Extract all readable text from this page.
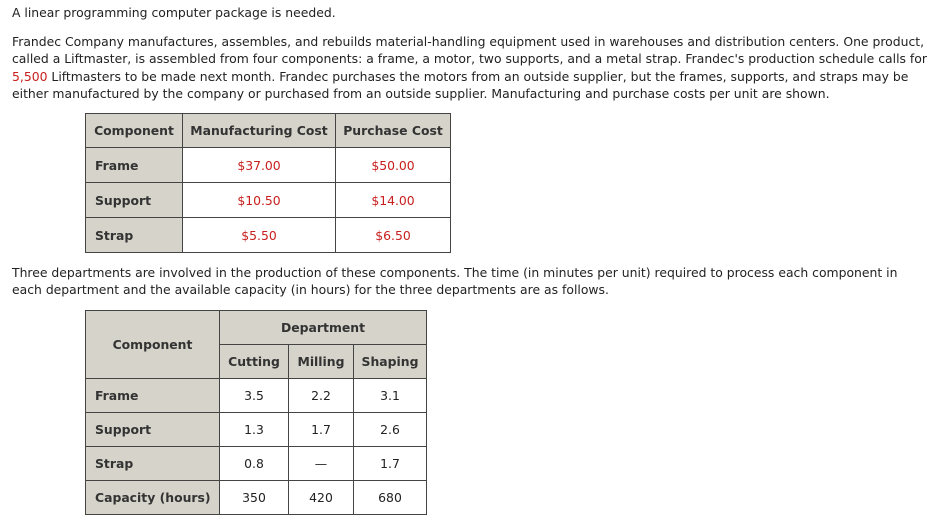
A linear programming computer package is needed.

Frandec Company manufactures, assembles, and rebuilds material-handling equipment used in warehouses and distribution centers. One product, called a Liftmaster, is assembled from four components: a frame, a motor, two supports, and a metal strap. Frandec's production schedule calls for 5,500 Liftmasters to be made next month. Frandec purchases the motors from an outside supplier, but the frames, supports, and straps may be either manufactured by the company or purchased from an outside supplier. Manufacturing and purchase costs per unit are shown.

Component	Manufacturing Cost	Purchase Cost
Frame	$37.00	$50.00
Support	$10.50	$14.00
Strap	$5.50	$6.50

Three departments are involved in the production of these components. The time (in minutes per unit) required to process each component in each department and the available capacity (in hours) for the three departments are as follows.

Component	Department		
	Cutting	Milling	Shaping
Frame	3.5	2.2	3.1
Support	1.3	1.7	2.6
Strap	0.8	—	1.7
Capacity (hours)	350	420	680
